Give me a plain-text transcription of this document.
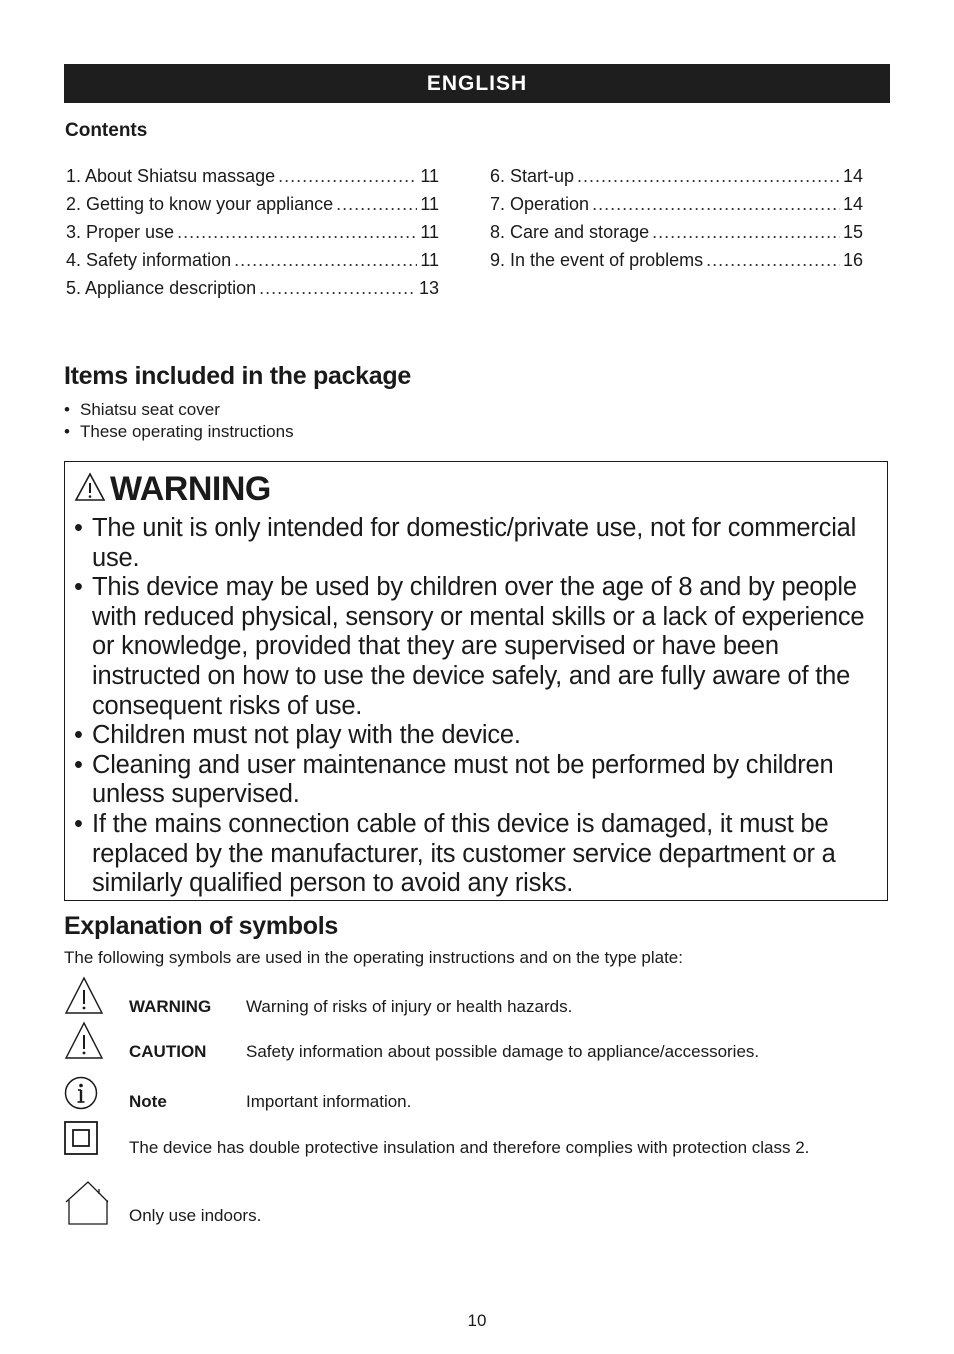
ENGLISH
Contents
1. About Shiatsu massage .....	11
2. Getting to know your appliance .....	11
3. Proper use .....	11
4. Safety information .....	11
5. Appliance description .....	13
6. Start-up .....	14
7. Operation .....	14
8. Care and storage .....	15
9. In the event of problems .....	16
Items included in the package
• Shiatsu seat cover
• These operating instructions
WARNING
• The unit is only intended for domestic/private use, not for commercial use.
• This device may be used by children over the age of 8 and by people with reduced physical, sensory or mental skills or a lack of experience or knowledge, provided that they are supervised or have been instructed on how to use the device safely, and are fully aware of the consequent risks of use.
• Children must not play with the device.
• Cleaning and user maintenance must not be performed by children unless supervised.
• If the mains connection cable of this device is damaged, it must be replaced by the manufacturer, its customer service department or a similarly qualified person to avoid any risks.
Explanation of symbols
The following symbols are used in the operating instructions and on the type plate:
WARNING Warning of risks of injury or health hazards.
CAUTION Safety information about possible damage to appliance/accessories.
Note	Important information.
The device has double protective insulation and therefore complies with protection class 2.
Only use indoors.
10
